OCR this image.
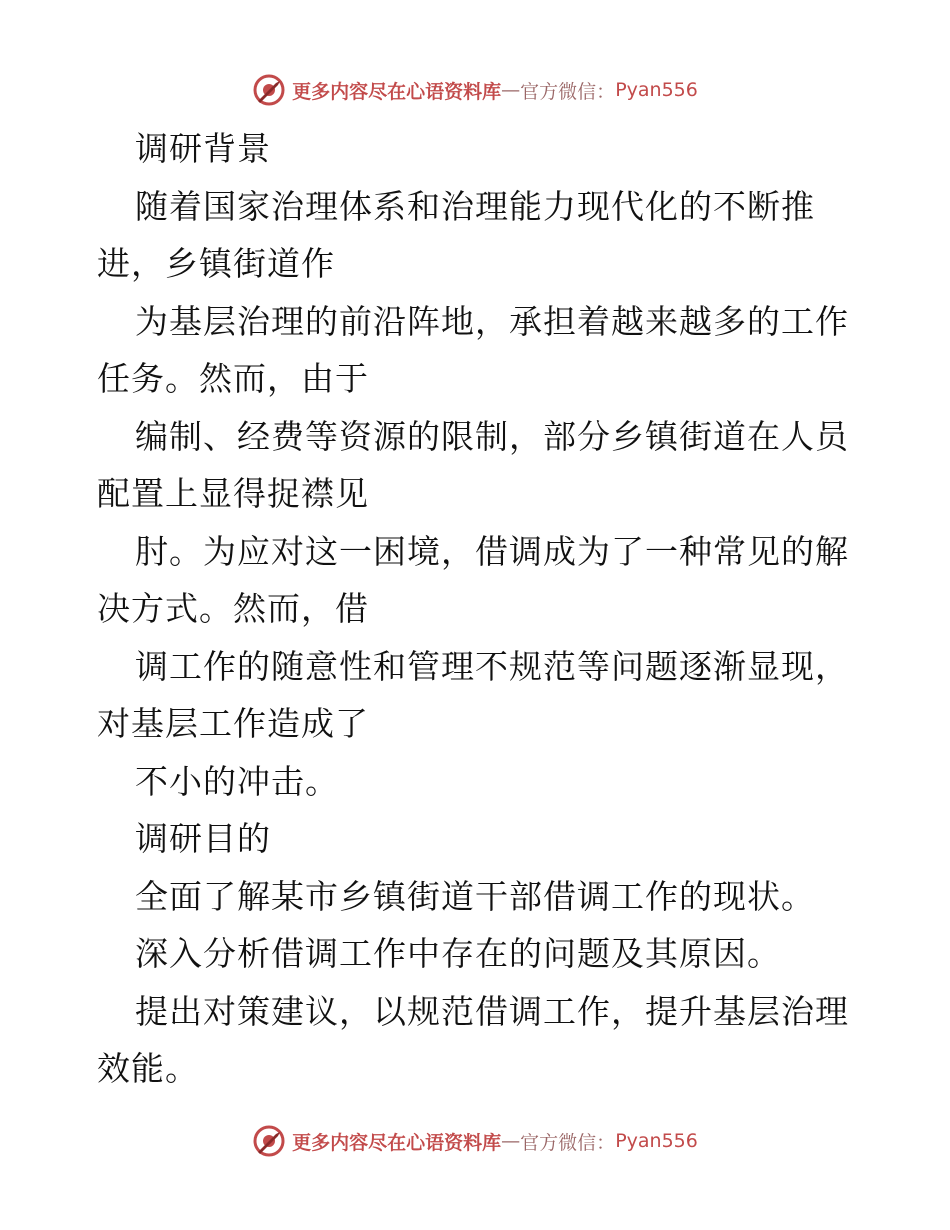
更多内容尽在心语资料库 — 官方微信： Pyan556
调研背景
随着国家治理体系和治理能力现代化的不断推
进，乡镇街道作
为基层治理的前沿阵地，承担着越来越多的工作
任务。然而，由于
编制、经费等资源的限制，部分乡镇街道在人员
配置上显得捉襟见
肘。为应对这一困境，借调成为了一种常见的解
决方式。然而，借
调工作的随意性和管理不规范等问题逐渐显现，
对基层工作造成了
不小的冲击。
调研目的
全面了解某市乡镇街道干部借调工作的现状。
深入分析借调工作中存在的问题及其原因。
提出对策建议，以规范借调工作，提升基层治理
效能。
更多内容尽在心语资料库 — 官方微信： Pyan556
